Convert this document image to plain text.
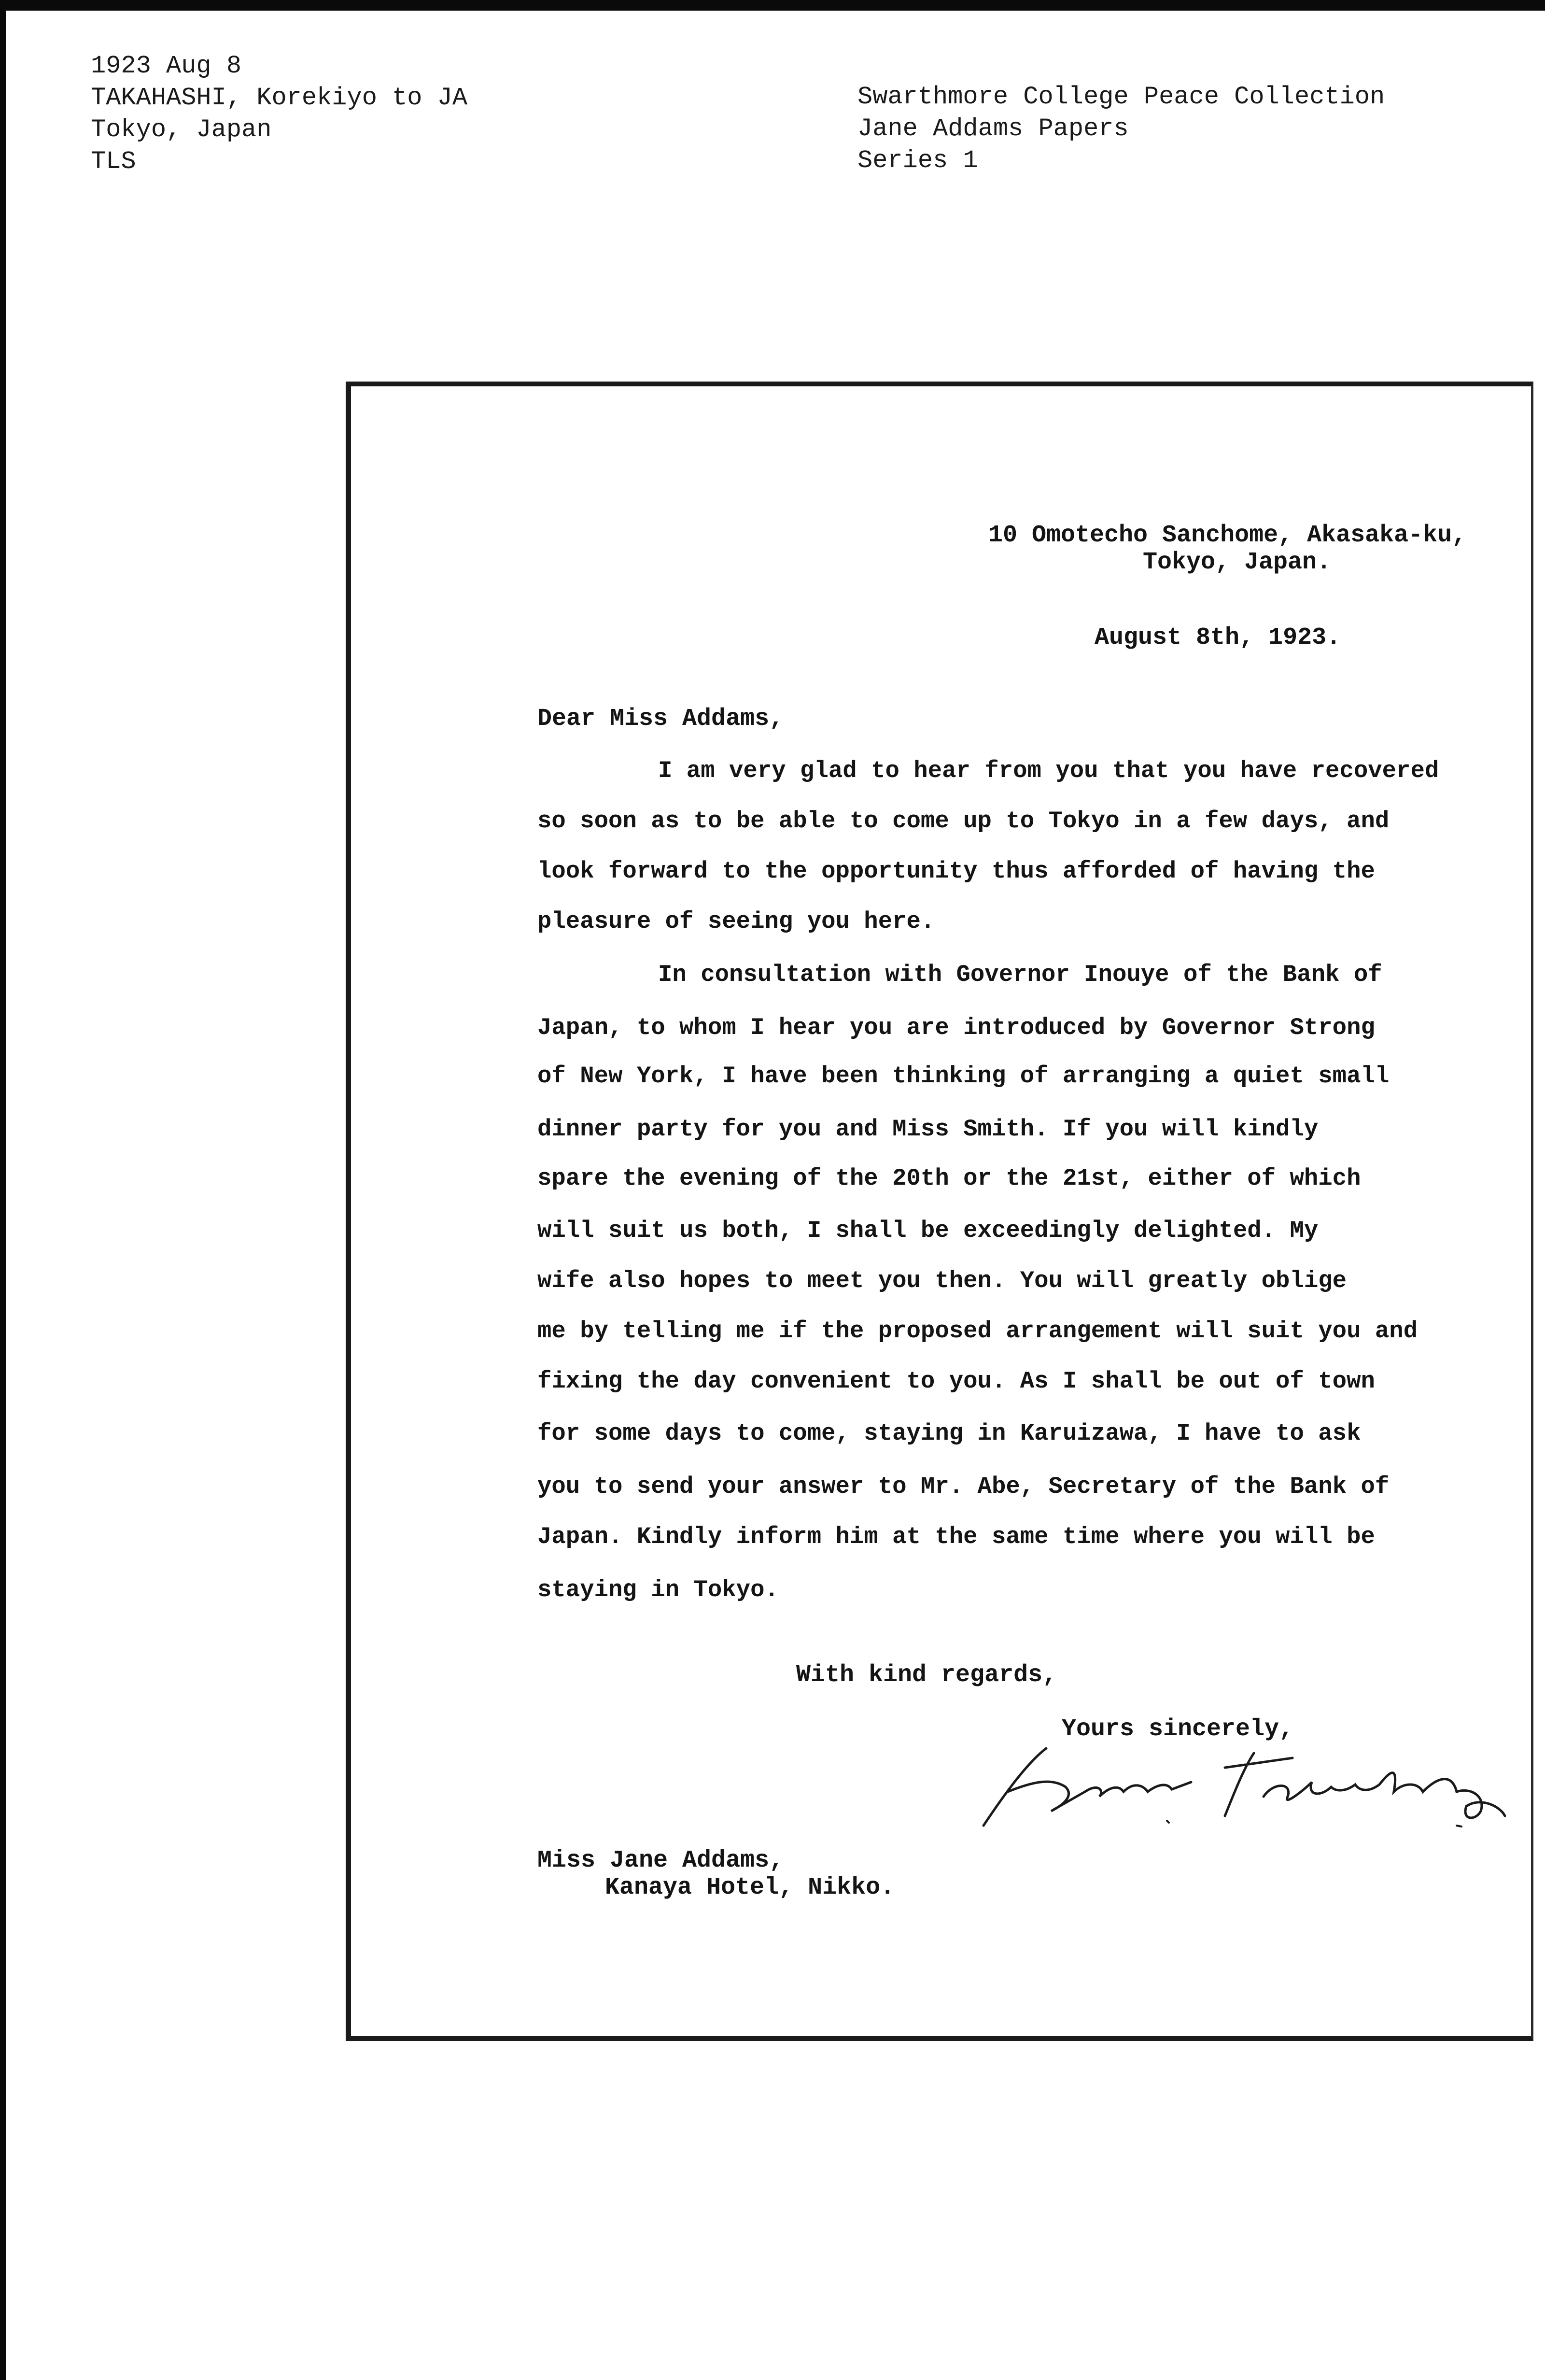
1923 Aug 8
TAKAHASHI, Korekiyo to JA
Tokyo, Japan
TLS
Swarthmore College Peace Collection
Jane Addams Papers
Series 1
10 Omotecho Sanchome, Akasaka-ku,
Tokyo, Japan.
August 8th, 1923.
Dear Miss Addams,
I am very glad to hear from you that you have recovered
so soon as to be able to come up to Tokyo in a few days, and
look forward to the opportunity thus afforded of having the
pleasure of seeing you here.
In consultation with Governor Inouye of the Bank of
Japan, to whom I hear you are introduced by Governor Strong
of New York, I have been thinking of arranging a quiet small
dinner party for you and Miss Smith. If you will kindly
spare the evening of the 20th or the 21st, either of which
will suit us both, I shall be exceedingly delighted. My
wife also hopes to meet you then. You will greatly oblige
me by telling me if the proposed arrangement will suit you and
fixing the day convenient to you. As I shall be out of town
for some days to come, staying in Karuizawa, I have to ask
you to send your answer to Mr. Abe, Secretary of the Bank of
Japan. Kindly inform him at the same time where you will be
staying in Tokyo.
With kind regards,
Yours sincerely,
Miss Jane Addams,
Kanaya Hotel, Nikko.
